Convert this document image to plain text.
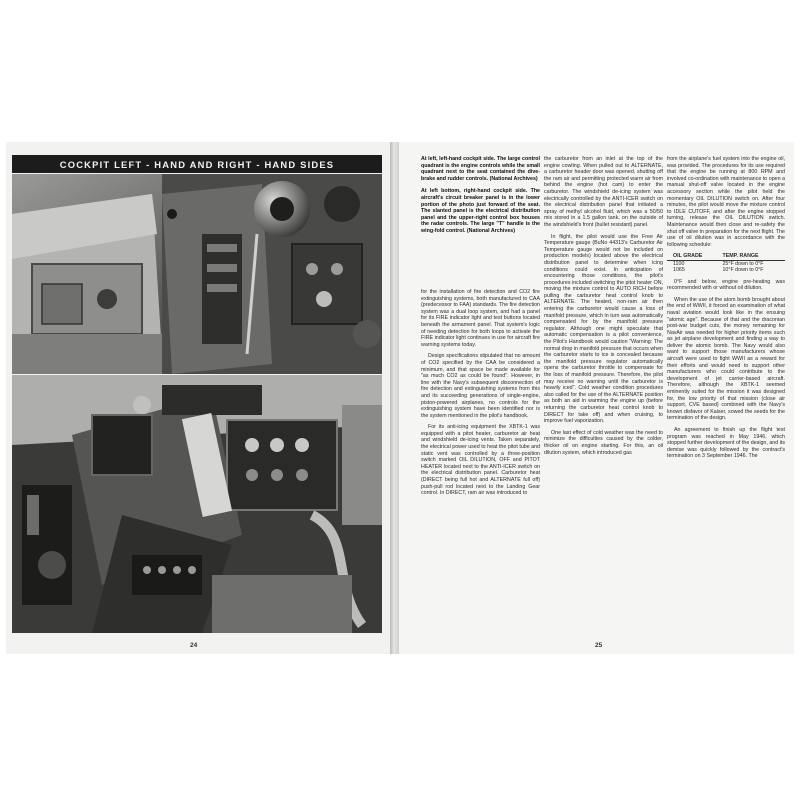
COCKPIT LEFT - HAND AND RIGHT - HAND SIDES
24

At left, left-hand cockpit side. The large control quadrant is the engine controls while the small quadrant next to the seat contained the dive-brake and rudder controls. (National Archives)

At left bottom, right-hand cockpit side. The aircraft's circuit breaker panel is in the lower portion of the photo just forward of the seat. The slanted panel is the electrical distribution panel and the upper-right control box houses the radar controls. The large "T" handle is the wing-fold control. (National Archives)

for the installation of fire detection and CO2 fire extinguishing systems, both manufactured to CAA (predecessor to FAA) standards. The fire detection system was a dual loop system, and had a panel for its FIRE indicator light and test buttons located beneath the armament panel. That system's logic of needing detection for both loops to activate the FIRE indicator light continues in use for aircraft fire warning systems today.

Design specifications stipulated that no amount of CO2 specified by the CAA be considered a minimum, and that space be made available for "as much CO2 as could be found". However, in line with the Navy's subsequent disconnection of fire detection and extinguishing systems from this and its succeeding generations of single-engine, piston-powered airplanes, no controls for the extinguishing system have been identified nor is the system mentioned in the pilot's handbook.

For its anti-icing equipment the XBTK-1 was equipped with a pitot heater, carburetor air heat and windshield de-icing vents. Taken separately, the electrical power used to heat the pitot tube and static vent was controlled by a three-position switch marked OIL DILUTION, OFF and PITOT HEATER located next to the ANTI-ICER switch on the electrical distribution panel. Carburetor heat (DIRECT being full hot and ALTERNATE full off) push-pull rod located next to the Landing Gear control. In DIRECT, ram air was introduced to

the carburetor from an inlet at the top of the engine cowling. When pulled out to ALTERNATE, a carburetor header door was opened, shutting off the ram air and permitting protected warm air from behind the engine (hot cam) to enter the carburetor. The windshield de-icing system was electrically controlled by the ANTI-ICER switch on the electrical distribution panel that initiated a spray of methyl alcohol fluid, which was a 50/50 mix stored in a 1.5 gallon tank, on the outside of the windshield's front (bullet resistant) panel.

In flight, the pilot would use the Free Air Temperature gauge (BuNo 44313's Carburetor Air Temperature gauge would not be included on production models) located above the electrical distribution panel to determine when icing conditions could exist. In anticipation of encountering those conditions, the pilot's procedures included switching the pitot heater ON, moving the mixture control to AUTO RICH before pulling the carburetor heat control knob to ALTERNATE. The heated, non-ram air then entering the carburetor would cause a loss of manifold pressure, which in turn was automatically compensated for by the manifold pressure regulator. Although one might speculate that automatic compensation is a pilot convenience, the Pilot's Handbook would caution "Warning: The normal drop in manifold pressure that occurs when the carburetor starts to ice is concealed because the manifold pressure regulator automatically opens the carburetor throttle to compensate for the loss of manifold pressure. Therefore, the pilot may receive no warning until the carburetor is heavily iced". Cold weather condition procedures also called for the use of the ALTERNATE position as both an aid in warming the engine up (before returning the carburetor heat control knob to DIRECT for take off) and when cruising, to improve fuel vaporization.

One last effect of cold weather was the need to minimize the difficulties caused by the colder, thicker oil on engine starting. For this, an oil dilution system, which introduced gas

from the airplane's fuel system into the engine oil, was provided. The procedures for its use required that the engine be running at 800 RPM and involved co-ordination with maintenance to open a manual shut-off valve located in the engine accessory section while the pilot held the momentary OIL DILUTION switch on. After four minutes, the pilot would move the mixture control to IDLE CUTOFF, and after the engine stopped turning, release the OIL DILUTION switch. Maintenance would then close and re-safety the shut off valve in preparation for the next flight. The use of oil dilution was in accordance with the following schedule:

OIL GRADE	TEMP. RANGE
1100	25°F down to 0°F
1065	10°F down to 0°F

0°F and below, engine pre-heating was recommended with or without oil dilution.

When the use of the atom bomb brought about the end of WWII, it forced an examination of what naval aviation would look like in the ensuing "atomic age". Because of that and the draconian post-war budget cuts, the money remaining for NavAir was needed for higher priority items such as jet airplane development and finding a way to deliver the atomic bomb. The Navy would also want to support those manufacturers whose aircraft were used to fight WWII as a reward for their efforts and would need to support other manufacturers who could contribute to the development of jet carrier-based aircraft. Therefore, although the XBTK-1 seemed eminently suited for the mission it was designed for, the low priority of that mission (close air support, CVE based) combined with the Navy's known disfavor of Kaiser, sowed the seeds for the termination of the design.

An agreement to finish up the flight test program was reached in May 1946, which stopped further development of the design, and its demise was quickly followed by the contract's termination on 3 September 1946. The

25
